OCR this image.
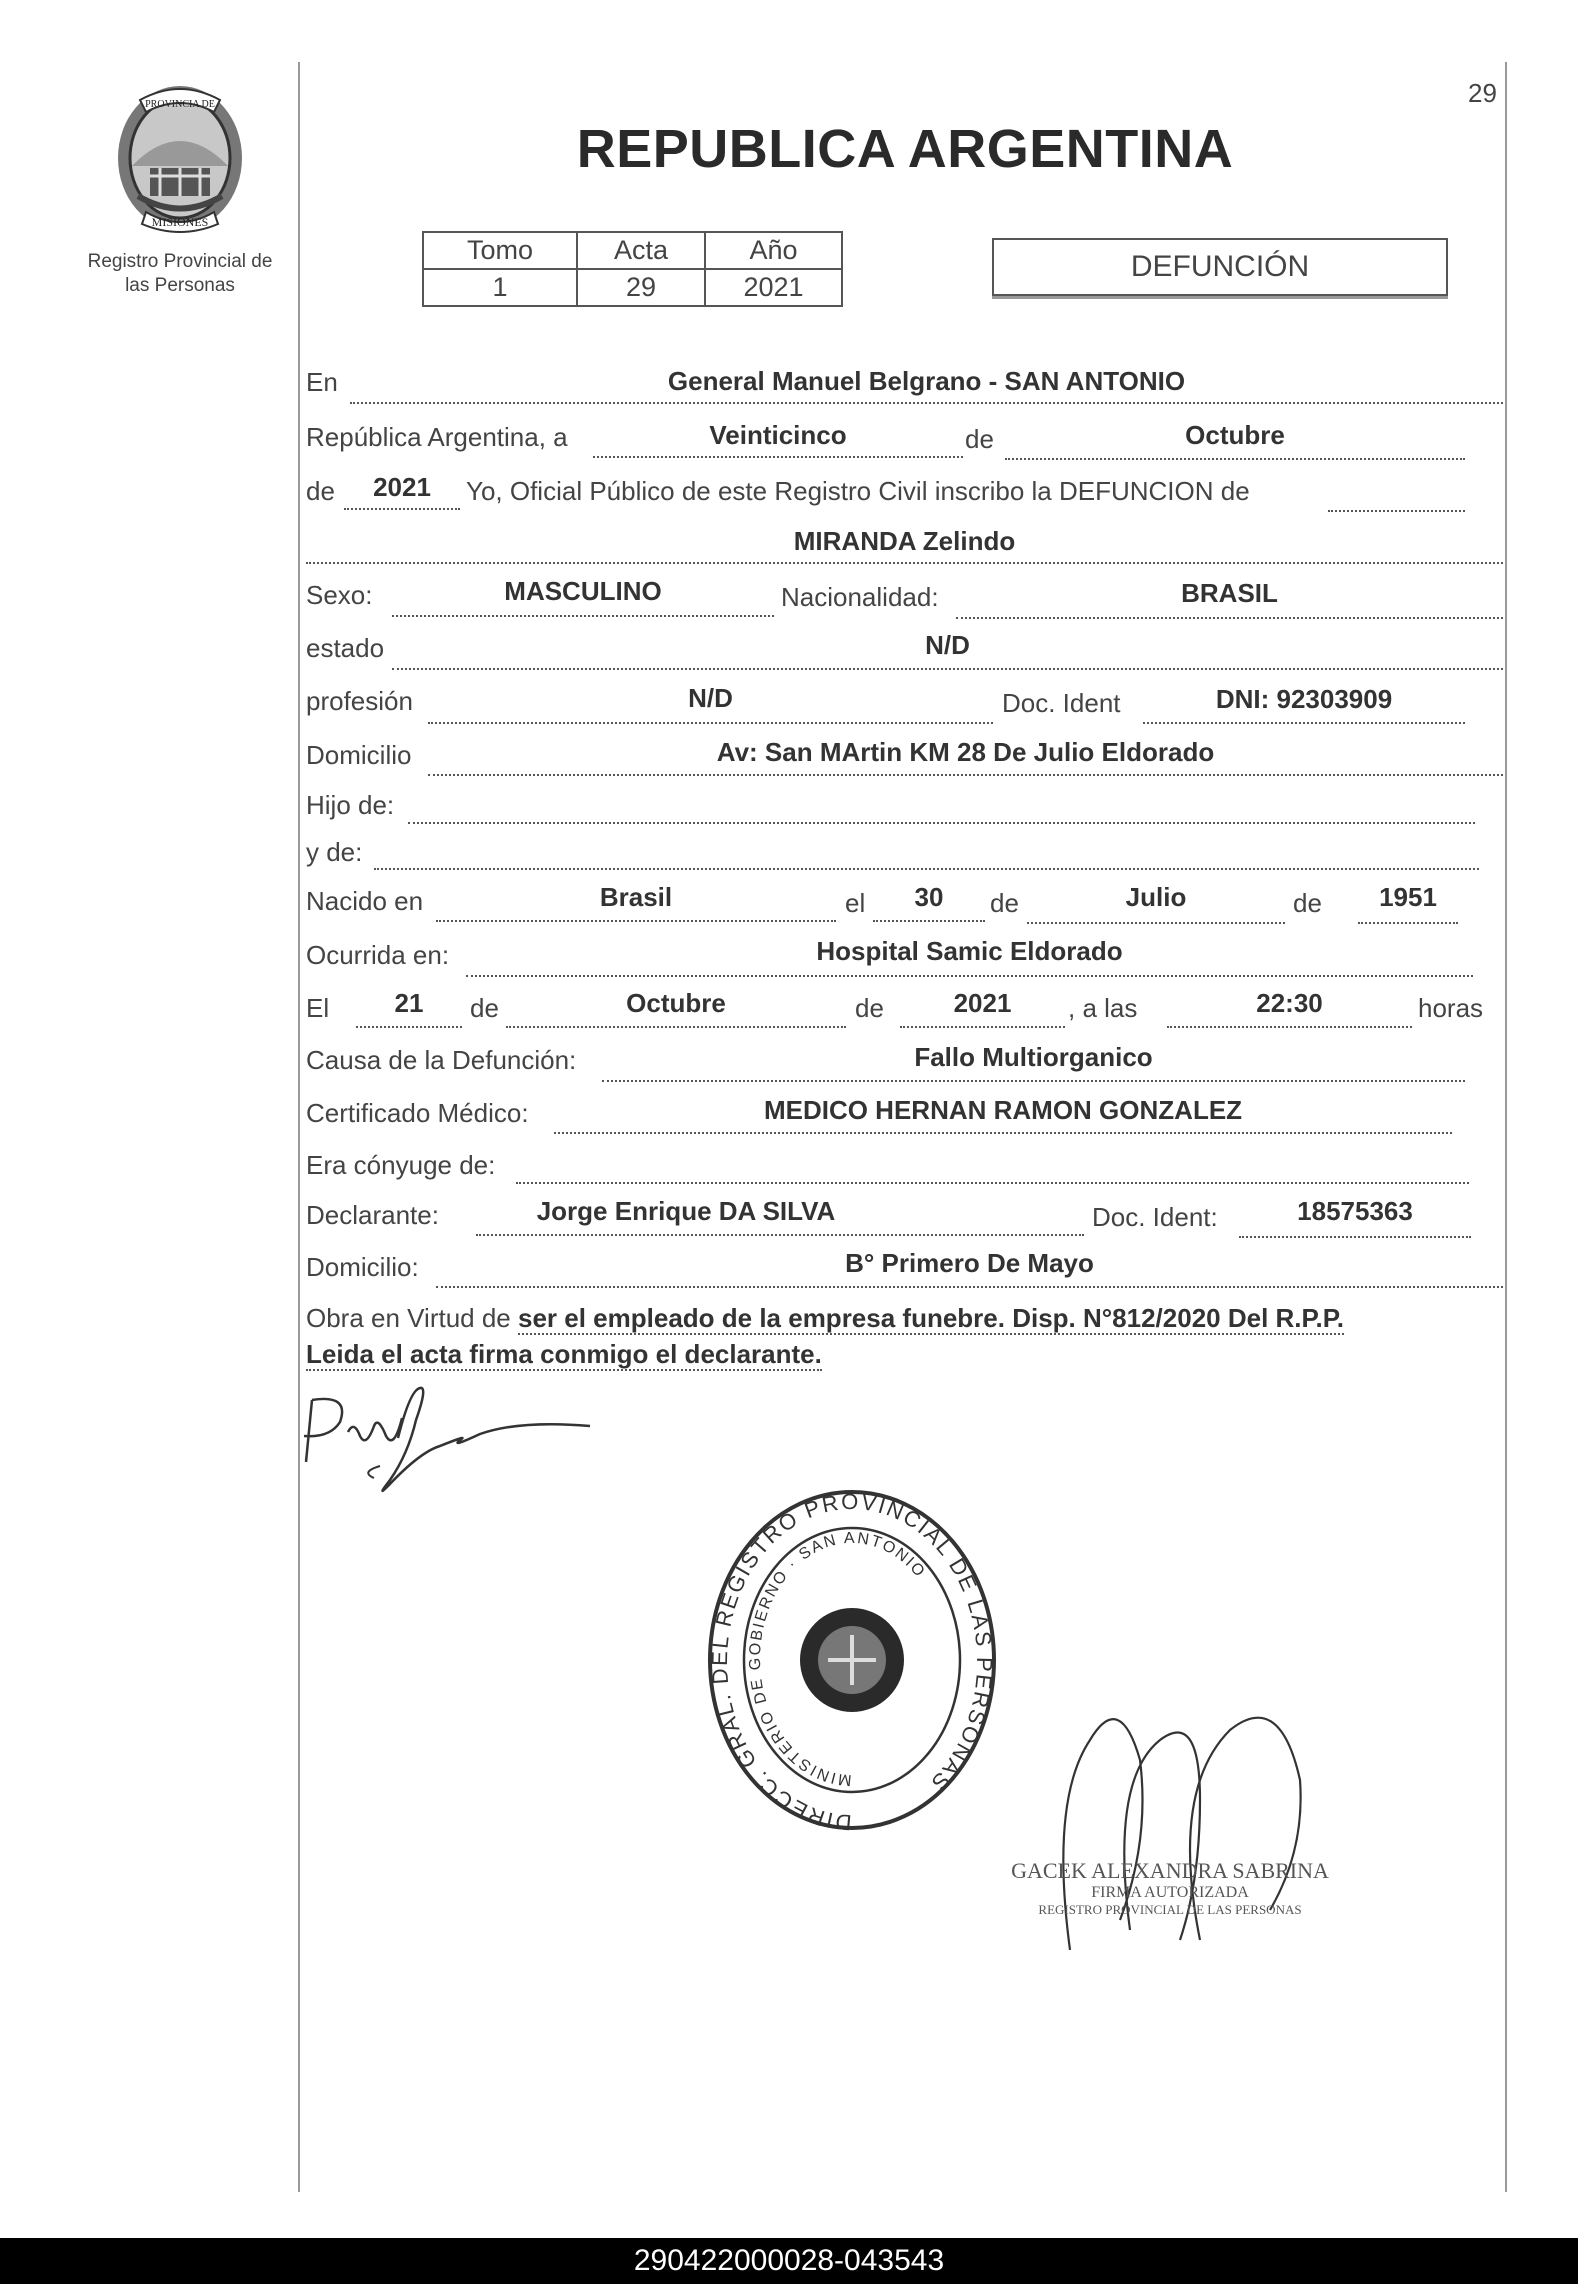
29
PROVINCIA DE
MISIONES
Registro Provincial de las Personas
REPUBLICA ARGENTINA
Tomo	Acta	Año
1	29	2021
DEFUNCIÓN
En	General Manuel Belgrano - SAN ANTONIO
República Argentina, a	Veinticinco	de	Octubre
de	2021	Yo, Oficial Público de este Registro Civil inscribo la DEFUNCION de
MIRANDA Zelindo
Sexo:	MASCULINO	Nacionalidad:	BRASIL
estado	N/D
profesión	N/D	Doc. Ident	DNI: 92303909
Domicilio	Av: San MArtin KM 28 De Julio Eldorado
Hijo de:
y de:
Nacido en	Brasil	el	30	de	Julio	de	1951
Ocurrida en:	Hospital Samic Eldorado
El	21	de	Octubre	de	2021	, a las	22:30	horas
Causa de la Defunción:	Fallo Multiorganico
Certificado Médico:	MEDICO HERNAN RAMON GONZALEZ
Era cónyuge de:
Declarante:	Jorge Enrique DA SILVA	Doc. Ident:	18575363
Domicilio:	B° Primero De Mayo
Obra en Virtud de ser el empleado de la empresa funebre. Disp. N°812/2020 Del R.P.P.
Leida el acta firma conmigo el declarante.
DIRECC. GRAL. DEL REGISTRO PROVINCIAL DE LAS PERSONAS
MINISTERIO DE GOBIERNO · SAN ANTONIO
GACEK ALEXANDRA SABRINA
FIRMA AUTORIZADA
REGISTRO PROVINCIAL DE LAS PERSONAS
290422000028-043543
